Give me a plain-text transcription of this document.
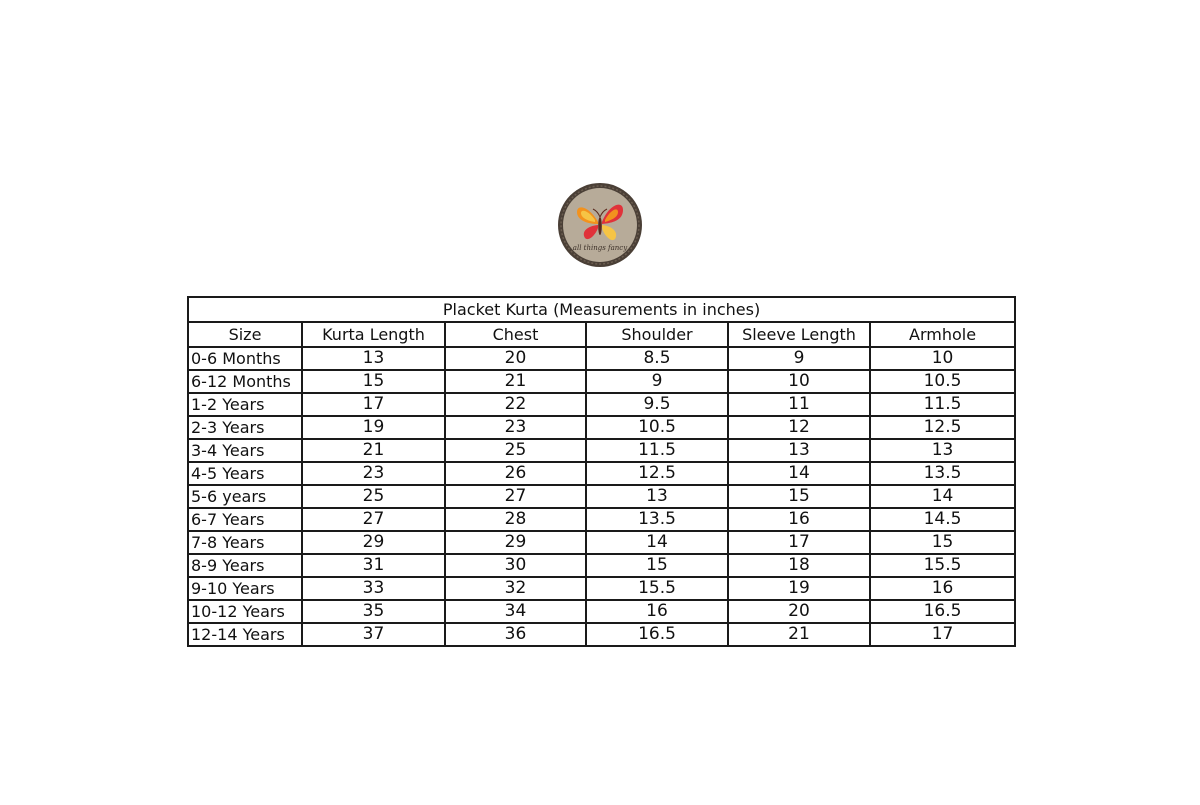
all things fancy
Placket Kurta (Measurements in inches)					
Size	Kurta Length	Chest	Shoulder	Sleeve Length	Armhole
0-6 Months	13	20	8.5	9	10
6-12 Months	15	21	9	10	10.5
1-2 Years	17	22	9.5	11	11.5
2-3 Years	19	23	10.5	12	12.5
3-4 Years	21	25	11.5	13	13
4-5 Years	23	26	12.5	14	13.5
5-6 years	25	27	13	15	14
6-7 Years	27	28	13.5	16	14.5
7-8 Years	29	29	14	17	15
8-9 Years	31	30	15	18	15.5
9-10 Years	33	32	15.5	19	16
10-12 Years	35	34	16	20	16.5
12-14 Years	37	36	16.5	21	17
